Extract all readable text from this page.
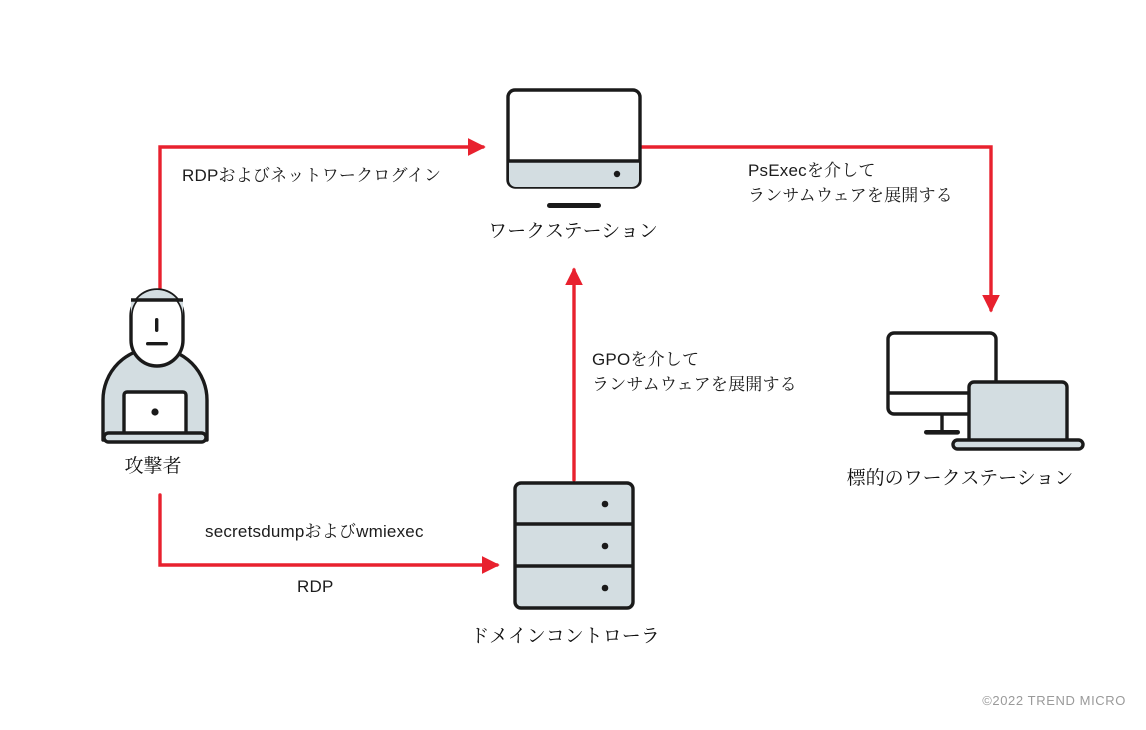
RDPおよびネットワークログイン	PsExecを介して
ランサムウェアを展開する
GPOを介して
ランサムウェアを展開する
secretsdumpおよびwmiexec
RDP
ワークステーション
攻撃者
ドメインコントローラ
標的のワークステーション
©2022 TREND MICRO
